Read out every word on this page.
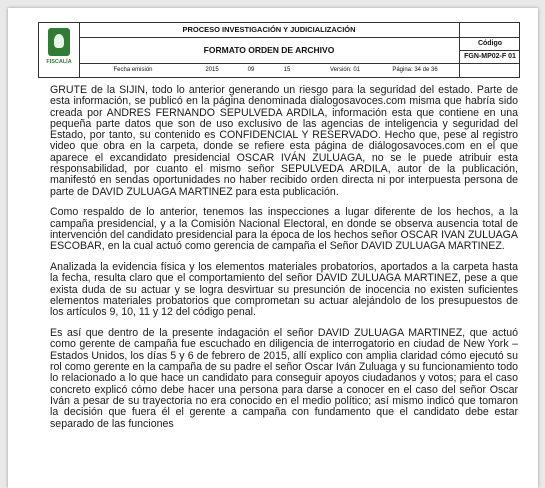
FISCALÍA
PROCESO INVESTIGACIÓN Y JUDICIALIZACIÓN
FORMATO ORDEN DE ARCHIVO
Código
FGN-MP02-F 01
Fecha emisión	2015	09	15	Versión: 01	Página: 34 de 36

GRUTE de la SIJIN, todo lo anterior generando un riesgo para la seguridad del estado. Parte de esta información, se publicó en la página denominada dialogosavoces.com misma que habría sido creada por ANDRES FERNANDO SEPULVEDA ARDILA, información esta que contiene en una pequeña parte datos que son de uso exclusivo de las agencias de inteligencia y seguridad del Estado, por tanto, su contenido es CONFIDENCIAL Y RESERVADO. Hecho que, pese al registro video que obra en la carpeta, donde se refiere esta página de diálogosavoces.com en el que aparece el excandidato presidencial OSCAR IVÁN ZULUAGA, no se le puede atribuir esta responsabilidad, por cuanto el mismo señor SEPULVEDA ARDILA, autor de la publicación, manifestó en sendas oportunidades no haber recibido orden directa ni por interpuesta persona de parte de DAVID ZULUAGA MARTINEZ para esta publicación.

Como respaldo de lo anterior, tenemos las inspecciones a lugar diferente de los hechos, a la campaña presidencial, y a la Comisión Nacional Electoral, en donde se observa ausencia total de intervención del candidato presidencial para la época de los hechos señor OSCAR IVAN ZULUAGA ESCOBAR, en la cual actuó como gerencia de campaña el Señor DAVID ZULUAGA MARTINEZ.

Analizada la evidencia física y los elementos materiales probatorios, aportados a la carpeta hasta la fecha, resulta claro que el comportamiento del señor DAVID ZULUAGA MARTINEZ, pese a que exista duda de su actuar y se logra desvirtuar su presunción de inocencia no existen suficientes elementos materiales probatorios que comprometan su actuar alejándolo de los presupuestos de los artículos 9, 10, 11 y 12 del código penal.

Es así que dentro de la presente indagación el señor DAVID ZULUAGA MARTINEZ, que actuó como gerente de campaña fue escuchado en diligencia de interrogatorio en ciudad de New York – Estados Unidos, los días 5 y 6 de febrero de 2015, allí explico con amplia claridad cómo ejecutó su rol como gerente en la campaña de su padre el señor Oscar Iván Zuluaga y su funcionamiento todo lo relacionado a lo que hace un candidato para conseguir apoyos ciudadanos y votos; para el caso concreto explicó cómo debe hacer una persona para darse a conocer en el caso del señor Oscar Iván a pesar de su trayectoria no era conocido en el medio político; así mismo indicó que tomaron la decisión que fuera él el gerente a campaña con fundamento que el candidato debe estar separado de las funciones
